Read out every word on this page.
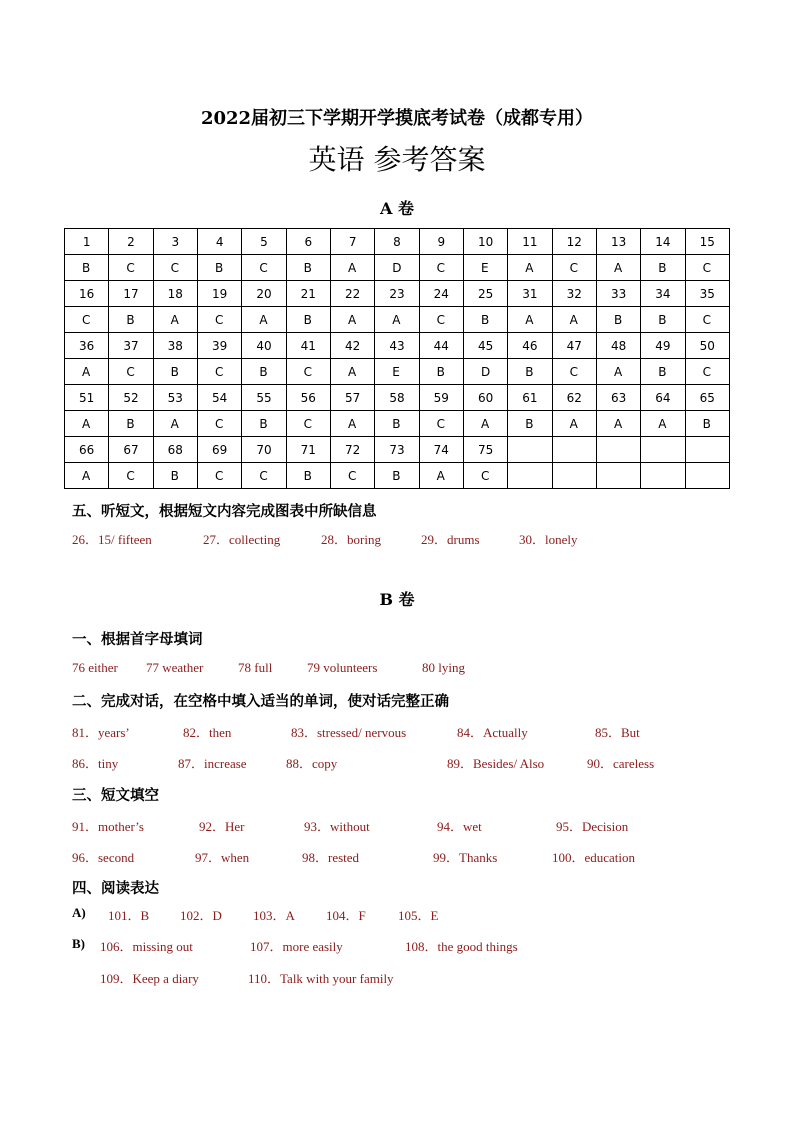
2022届初三下学期开学摸底考试卷（成都专用）
英语 参考答案
A 卷
1	2	3	4	5	6	7	8	9	10	11	12	13	14	15
B	C	C	B	C	B	A	D	C	E	A	C	A	B	C
16	17	18	19	20	21	22	23	24	25	31	32	33	34	35
C	B	A	C	A	B	A	A	C	B	A	A	B	B	C
36	37	38	39	40	41	42	43	44	45	46	47	48	49	50
A	C	B	C	B	C	A	E	B	D	B	C	A	B	C
51	52	53	54	55	56	57	58	59	60	61	62	63	64	65
A	B	A	C	B	C	A	B	C	A	B	A	A	A	B
66	67	68	69	70	71	72	73	74	75					
A	C	B	C	C	B	C	B	A	C					
五、听短文，根据短文内容完成图表中所缺信息
26．15/ fifteen	27．collecting	28．boring	29．drums	30．lonely
B 卷
一、根据首字母填词
76 either 77 weather	78 full	79 volunteers	80 lying
二、完成对话，在空格中填入适当的单词，使对话完整正确
81．years’	82．then	83．stressed/ nervous	84．Actually	85．But
86．tiny	87．increase	88．copy	89．Besides/ Also	90．careless
三、短文填空
91．mother’s	92．Her	93．without	94．wet	95．Decision
96．second	97．when	98．rested	99．Thanks	100．education
四、阅读表达
A) 101．B 102．D 103．A 104．F 105．E
B) 106．missing out	107．more easily	108．the good things
109．Keep a diary	110．Talk with your family
